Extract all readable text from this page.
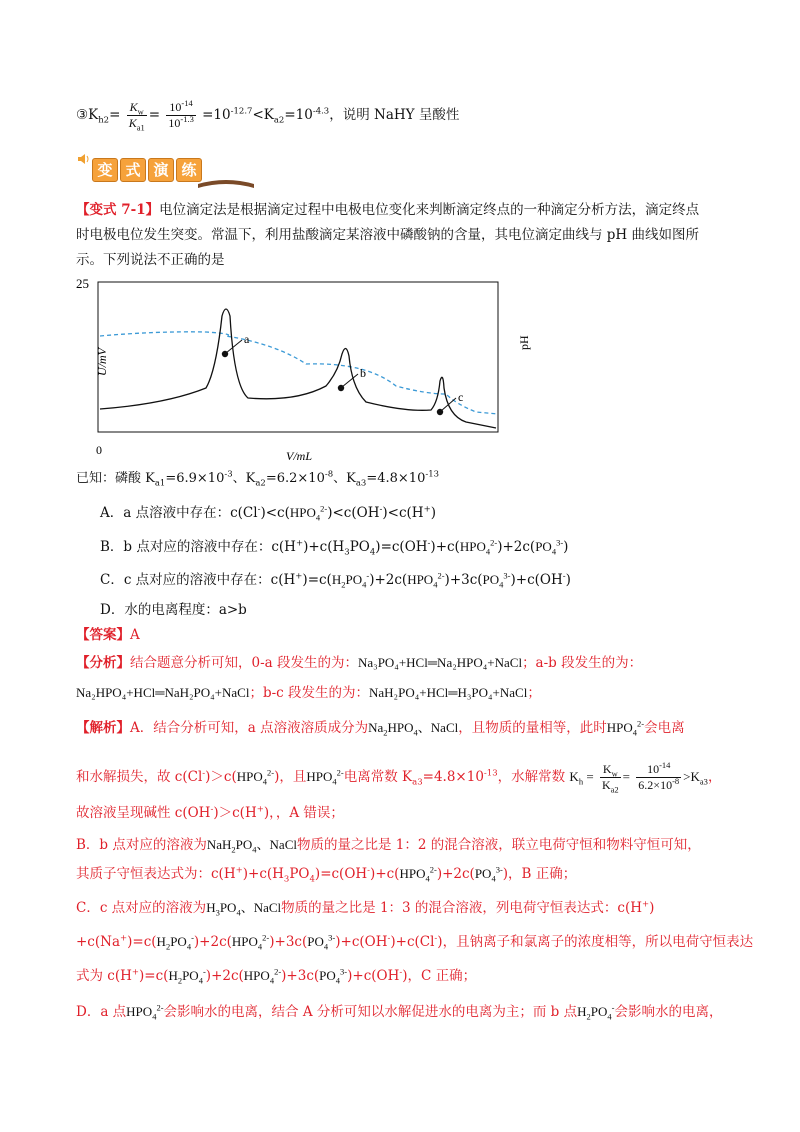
$③K_{h2}= \frac{K_w}{K_{a1}} = \frac{10^{-14}}{10^{-1.3}} =10^{-12.7}<K_{a2}=10^{-4.3}$，说明 NaHY 呈酸性
变 式 演 练
【变式 7-1】电位滴定法是根据滴定过程中电极电位变化来判断滴定终点的一种滴定分析方法，滴定终点
时电极电位发生突变。常温下，利用盐酸滴定某溶液中磷酸钠的含量，其电位滴定曲线与 pH 曲线如图所
示。下列说法不正确的是
25
0	V/mL
U/mV
pH
a
b
c
已知：磷酸 $K_{a1}=6.9\times 10^{-3}$、$K_{a2}=6.2\times 10^{-8}$、$K_{a3}=4.8\times 10^{-13}$
A．a 点溶液中存在：$c(Cl^-)<c(HPO_4^{2-})<c(OH^-)<c(H^+)$
B．b 点对应的溶液中存在：$c(H^+)+c(H_3PO_4)=c(OH^-)+c(HPO_4^{2-})+2c(PO_4^{3-})$
C．c 点对应的溶液中存在：$c(H^+)=c(H_2PO_4^-)+2c(HPO_4^{2-})+3c(PO_4^{3-})+c(OH^-)$
D．水的电离程度：a>b
【答案】A
【分析】结合题意分析可知，0-a 段发生的为：Na₃PO₄+HCl═Na₂HPO₄+NaCl；a-b 段发生的为：
Na₂HPO₄+HCl═NaH₂PO₄+NaCl；b-c 段发生的为：NaH₂PO₄+HCl═H₃PO₄+NaCl；
【解析】A．结合分析可知，a 点溶液溶质成分为$Na_2HPO_4$、NaCl，且物质的量相等，此时$HPO_4^{2-}$会电离
和水解损失，故 $c(Cl^-)>c(HPO_4^{2-})$，且$HPO_4^{2-}$电离常数 $K_{a3}=4.8\times 10^{-13}$，水解常数 $K_h = \frac{K_w}{K_{a2}} = \frac{10^{-14}}{6.2\times 10^{-8}} >K_{a3}$，
故溶液呈现碱性 c(OH-)＞c(H+)，，A 错误；
B．b 点对应的溶液为$NaH_2PO_4$、NaCl物质的量之比是 1：2 的混合溶液，联立电荷守恒和物料守恒可知，
其质子守恒表达式为：$c(H^+)+c(H_3PO_4)=c(OH^-)+c(HPO_4^{2-})+2c(PO_4^{3-})$，B 正确；
C．c 点对应的溶液为$H_3PO_4$、NaCl物质的量之比是 1：3 的混合溶液，列电荷守恒表达式：c(H+)
$+c(Na^+)=c(H_2PO_4^-)+2c(HPO_4^{2-})+3c(PO_4^{3-})+c(OH^-)+c(Cl^-)$，且钠离子和氯离子的浓度相等，所以电荷守恒表达
式为 $c(H^+)=c(H_2PO_4^-)+2c(HPO_4^{2-})+3c(PO_4^{3-})+c(OH^-)$，C 正确；
D．a 点$HPO_4^{2-}$会影响水的电离，结合 A 分析可知以水解促进水的电离为主；而 b 点$H_2PO_4^-$会影响水的电离，
